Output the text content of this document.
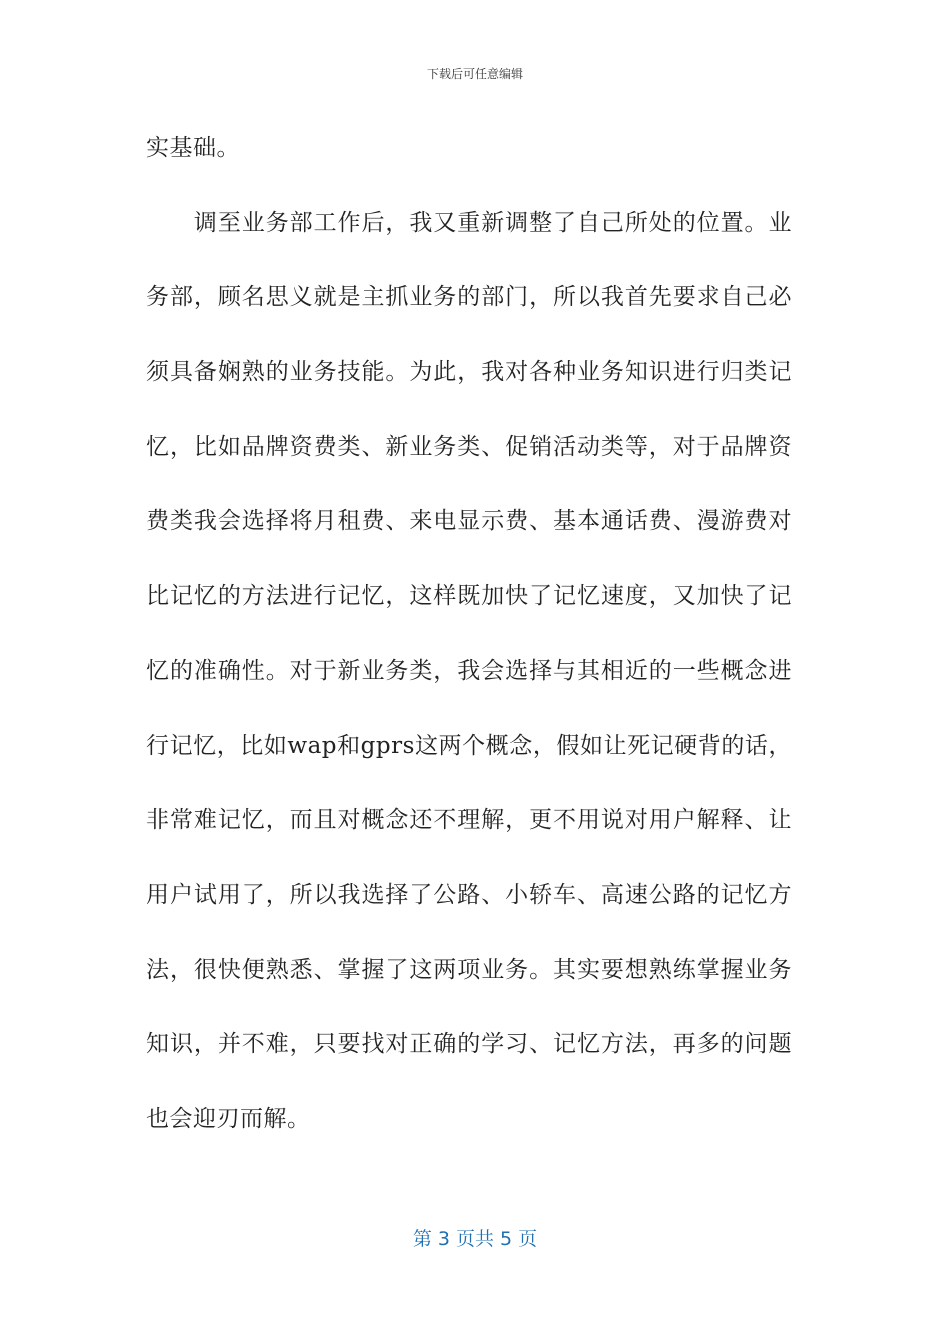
下载后可任意编辑
实基础。
　　调至业务部工作后，我又重新调整了自己所处的位置。业
务部，顾名思义就是主抓业务的部门，所以我首先要求自己必
须具备娴熟的业务技能。为此，我对各种业务知识进行归类记
忆，比如品牌资费类、新业务类、促销活动类等，对于品牌资
费类我会选择将月租费、来电显示费、基本通话费、漫游费对
比记忆的方法进行记忆，这样既加快了记忆速度，又加快了记
忆的准确性。对于新业务类，我会选择与其相近的一些概念进
行记忆，比如wap和gprs这两个概念，假如让死记硬背的话，
非常难记忆，而且对概念还不理解，更不用说对用户解释、让
用户试用了，所以我选择了公路、小轿车、高速公路的记忆方
法，很快便熟悉、掌握了这两项业务。其实要想熟练掌握业务
知识，并不难，只要找对正确的学习、记忆方法，再多的问题
也会迎刃而解。
第 3 页共 5 页
